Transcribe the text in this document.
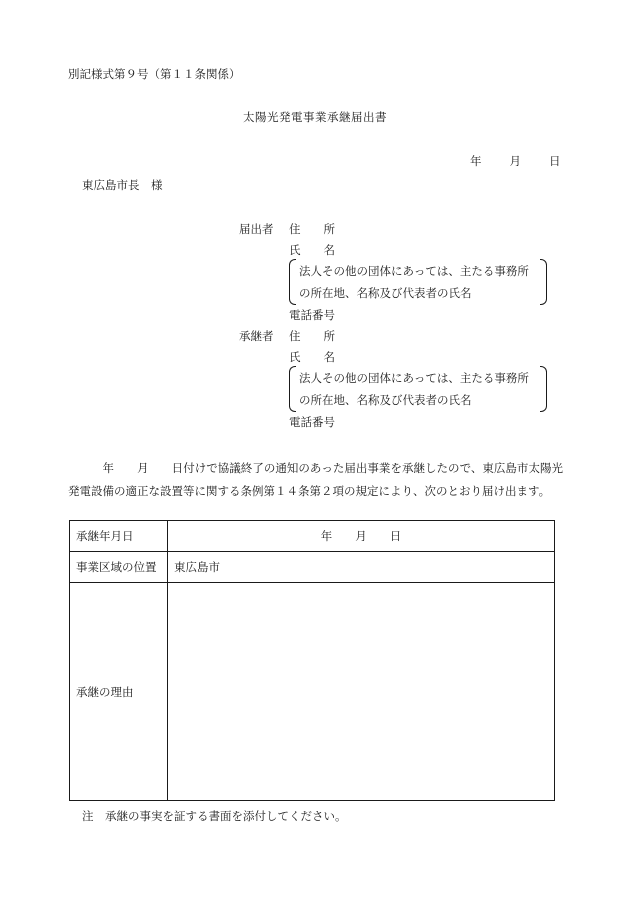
別記様式第９号（第１１条関係）
太陽光発電事業承継届出書
年 月 日
東広島市長　様
届出者 住　　所
氏　　名
法人その他の団体にあっては、主たる事務所
の所在地、名称及び代表者の氏名
電話番号
承継者 住　　所
氏　　名
法人その他の団体にあっては、主たる事務所
の所在地、名称及び代表者の氏名
電話番号
　　　年　　月　　日付けで協議終了の通知のあった届出事業を承継したので、東広島市太陽光発電設備の適正な設置等に関する条例第１４条第２項の規定により、次のとおり届け出ます。
承継年月日	年　　月　　日
事業区域の位置	東広島市
承継の理由	
注　承継の事実を証する書面を添付してください。
